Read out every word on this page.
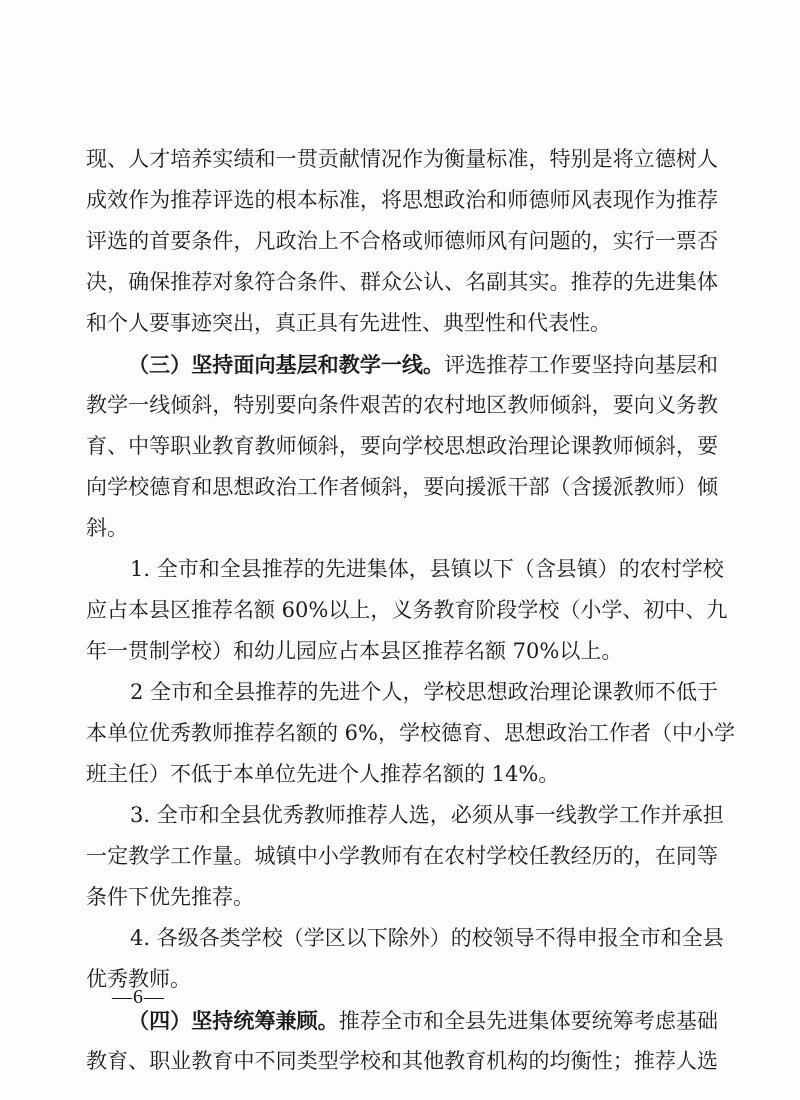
现、人才培养实绩和一贯贡献情况作为衡量标准，特别是将立德树人
成效作为推荐评选的根本标准，将思想政治和师德师风表现作为推荐
评选的首要条件，凡政治上不合格或师德师风有问题的，实行一票否
决，确保推荐对象符合条件、群众公认、名副其实。推荐的先进集体
和个人要事迹突出，真正具有先进性、典型性和代表性。
（三）坚持面向基层和教学一线。评选推荐工作要坚持向基层和
教学一线倾斜，特别要向条件艰苦的农村地区教师倾斜，要向义务教
育、中等职业教育教师倾斜，要向学校思想政治理论课教师倾斜，要
向学校德育和思想政治工作者倾斜，要向援派干部（含援派教师）倾
斜。
1. 全市和全县推荐的先进集体，县镇以下（含县镇）的农村学校
应占本县区推荐名额 60%以上，义务教育阶段学校（小学、初中、九
年一贯制学校）和幼儿园应占本县区推荐名额 70%以上。
2 全市和全县推荐的先进个人，学校思想政治理论课教师不低于
本单位优秀教师推荐名额的 6%，学校德育、思想政治工作者（中小学
班主任）不低于本单位先进个人推荐名额的 14%。
3. 全市和全县优秀教师推荐人选，必须从事一线教学工作并承担
一定教学工作量。城镇中小学教师有在农村学校任教经历的，在同等
条件下优先推荐。
4. 各级各类学校（学区以下除外）的校领导不得申报全市和全县
优秀教师。
（四）坚持统筹兼顾。推荐全市和全县先进集体要统筹考虑基础
教育、职业教育中不同类型学校和其他教育机构的均衡性；推荐人选
—6—
